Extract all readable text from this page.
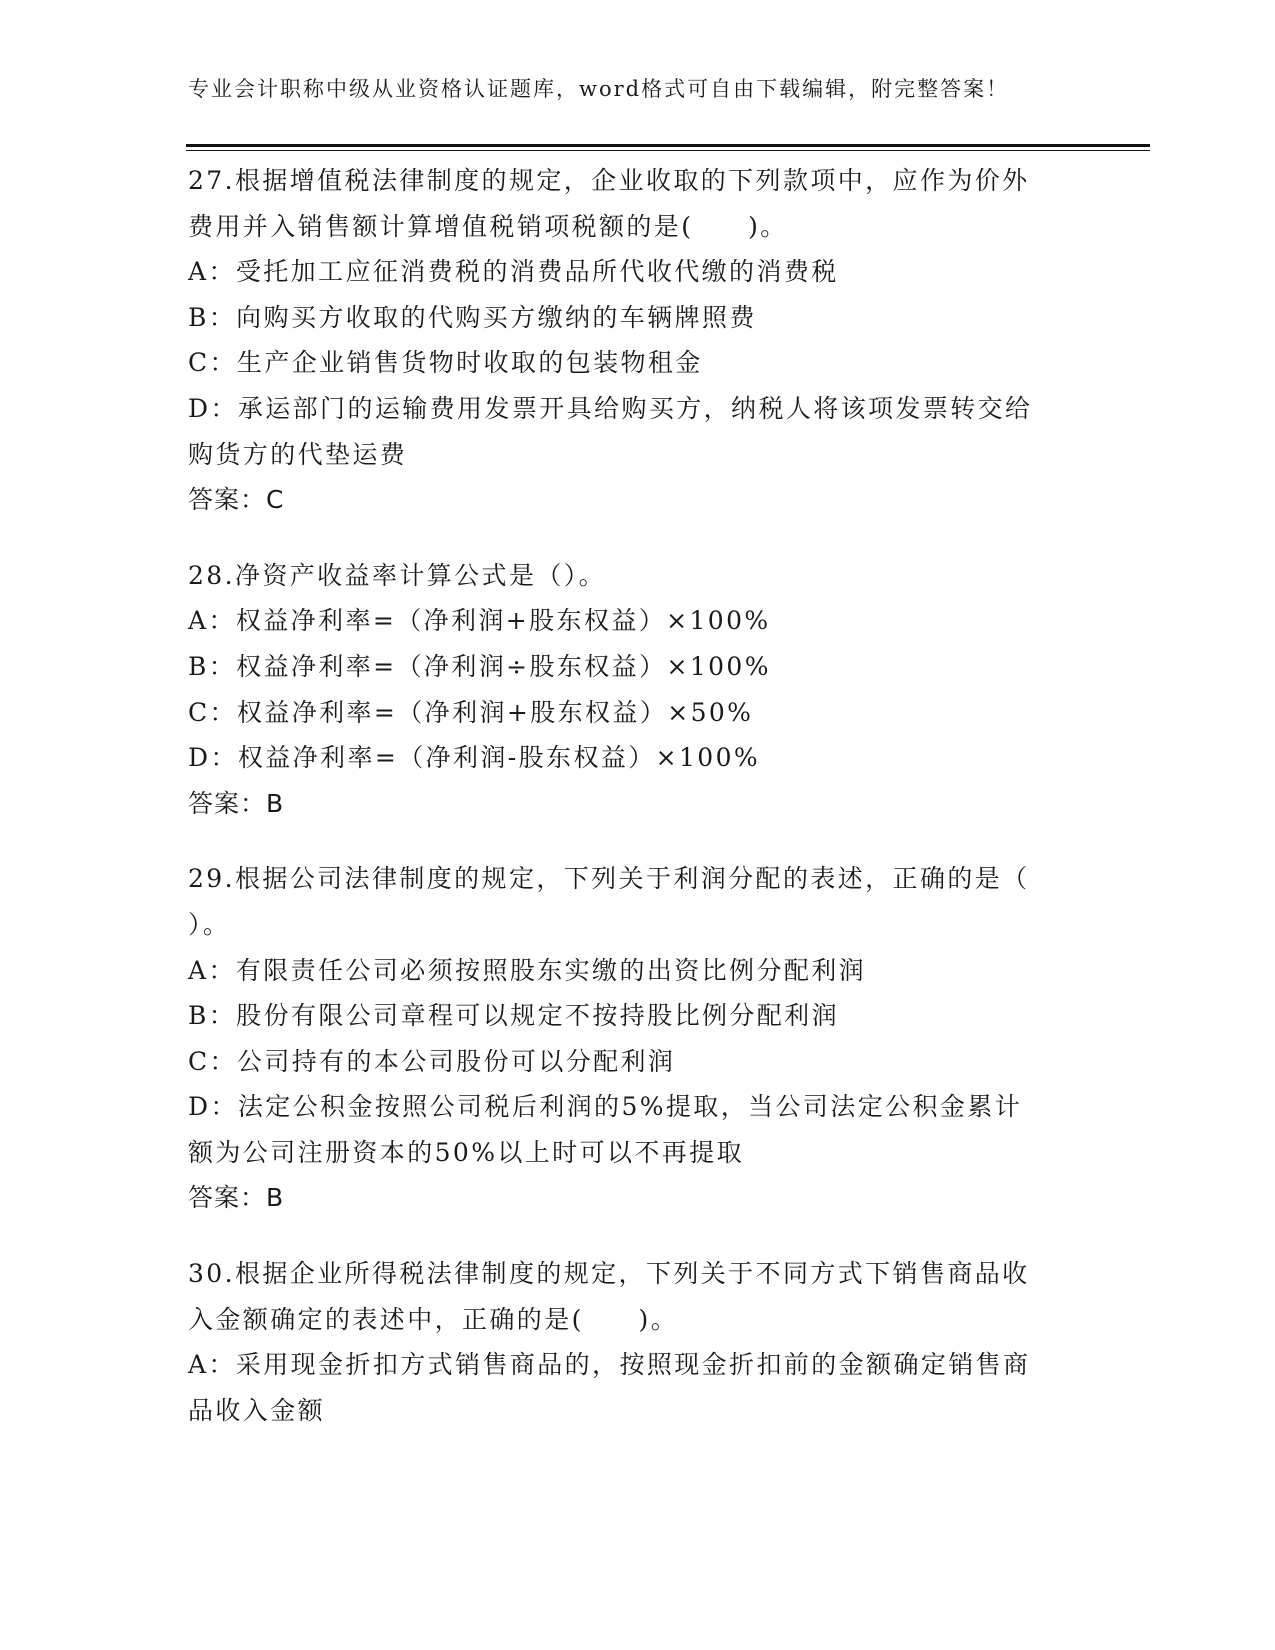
专业会计职称中级从业资格认证题库，word格式可自由下载编辑，附完整答案！

27.根据增值税法律制度的规定，企业收取的下列款项中，应作为价外

费用并入销售额计算增值税销项税额的是(　　)。

A：受托加工应征消费税的消费品所代收代缴的消费税

B：向购买方收取的代购买方缴纳的车辆牌照费

C：生产企业销售货物时收取的包装物租金

D：承运部门的运输费用发票开具给购买方，纳税人将该项发票转交给

购货方的代垫运费

答案：C

28.净资产收益率计算公式是（）。

A：权益净利率=（净利润+股东权益）×100%

B：权益净利率=（净利润÷股东权益）×100%

C：权益净利率=（净利润+股东权益）×50%

D：权益净利率=（净利润-股东权益）×100%

答案：B

29.根据公司法律制度的规定，下列关于利润分配的表述，正确的是（

）。

A：有限责任公司必须按照股东实缴的出资比例分配利润

B：股份有限公司章程可以规定不按持股比例分配利润

C：公司持有的本公司股份可以分配利润

D：法定公积金按照公司税后利润的5%提取，当公司法定公积金累计

额为公司注册资本的50%以上时可以不再提取

答案：B

30.根据企业所得税法律制度的规定，下列关于不同方式下销售商品收

入金额确定的表述中，正确的是(　　)。

A：采用现金折扣方式销售商品的，按照现金折扣前的金额确定销售商

品收入金额
